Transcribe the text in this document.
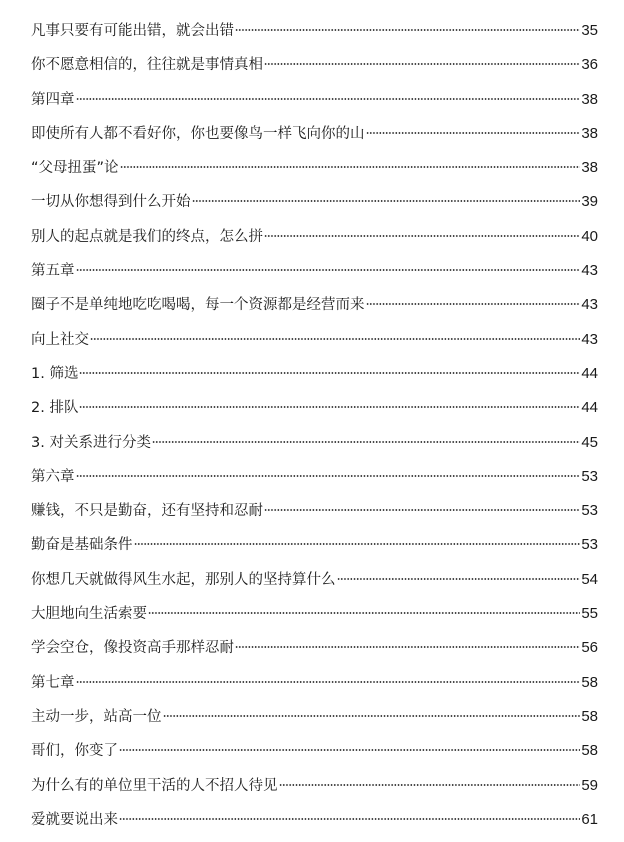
凡事只要有可能出错，就会出错	35
你不愿意相信的，往往就是事情真相	36
第四章	38
即使所有人都不看好你，你也要像鸟一样飞向你的山	38
“父母扭蛋”论	38
一切从你想得到什么开始	39
别人的起点就是我们的终点，怎么拼	40
第五章	43
圈子不是单纯地吃吃喝喝，每一个资源都是经营而来	43
向上社交	43
1. 筛选	44
2. 排队	44
3. 对关系进行分类	45
第六章	53
赚钱，不只是勤奋，还有坚持和忍耐	53
勤奋是基础条件	53
你想几天就做得风生水起，那别人的坚持算什么	54
大胆地向生活索要	55
学会空仓，像投资高手那样忍耐	56
第七章	58
主动一步，站高一位	58
哥们，你变了	58
为什么有的单位里干活的人不招人待见	59
爱就要说出来	61
